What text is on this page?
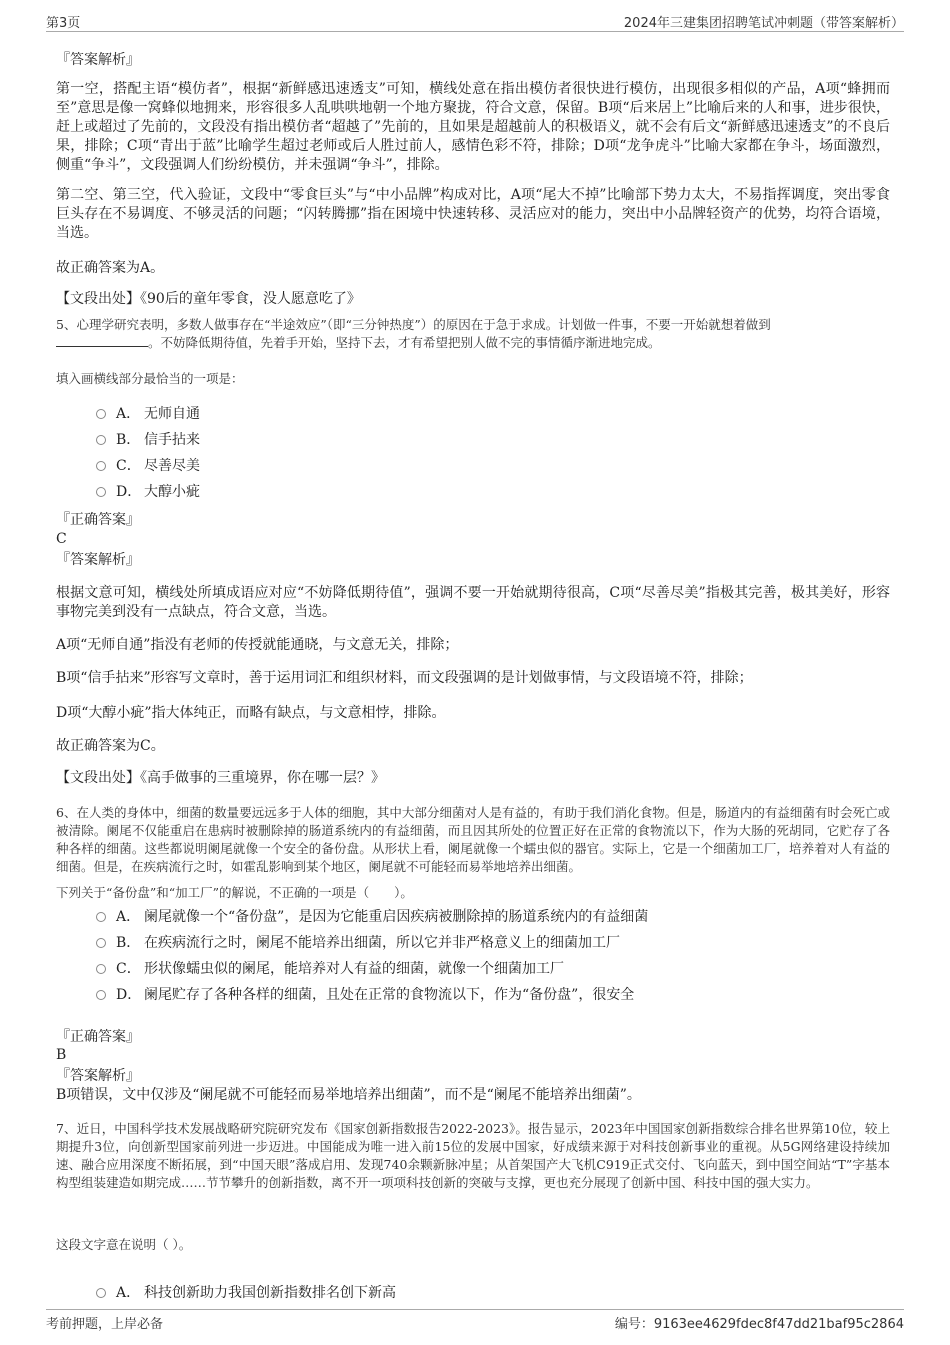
第3页	2024年三建集团招聘笔试冲刺题（带答案解析）
『答案解析』
第一空，搭配主语“模仿者”，根据“新鲜感迅速透支”可知，横线处意在指出模仿者很快进行模仿，出现很多相似的产品，A项“蜂拥而至”意思是像一窝蜂似地拥来，形容很多人乱哄哄地朝一个地方聚拢，符合文意，保留。B项“后来居上”比喻后来的人和事，进步很快，赶上或超过了先前的，文段没有指出模仿者“超越了”先前的，且如果是超越前人的积极语义，就不会有后文“新鲜感迅速透支”的不良后果，排除；C项“青出于蓝”比喻学生超过老师或后人胜过前人，感情色彩不符，排除；D项“龙争虎斗”比喻大家都在争斗，场面激烈，侧重“争斗”，文段强调人们纷纷模仿，并未强调“争斗”，排除。
第二空、第三空，代入验证，文段中“零食巨头”与“中小品牌”构成对比，A项“尾大不掉”比喻部下势力太大，不易指挥调度，突出零食巨头存在不易调度、不够灵活的问题；“闪转腾挪”指在困境中快速转移、灵活应对的能力，突出中小品牌轻资产的优势，均符合语境，当选。
故正确答案为A。
【文段出处】《90后的童年零食，没人愿意吃了》
5、心理学研究表明，多数人做事存在“半途效应”（即“三分钟热度”）的原因在于急于求成。计划做一件事，不要一开始就想着做到
。不妨降低期待值，先着手开始，坚持下去，才有希望把别人做不完的事情循序渐进地完成。
填入画横线部分最恰当的一项是：
A． 无师自通
B． 信手拈来
C． 尽善尽美
D． 大醇小疵
『正确答案』
C
『答案解析』
根据文意可知，横线处所填成语应对应“不妨降低期待值”，强调不要一开始就期待很高，C项“尽善尽美”指极其完善，极其美好，形容事物完美到没有一点缺点，符合文意，当选。
A项“无师自通”指没有老师的传授就能通晓，与文意无关，排除；
B项“信手拈来”形容写文章时，善于运用词汇和组织材料，而文段强调的是计划做事情，与文段语境不符，排除；
D项“大醇小疵”指大体纯正，而略有缺点，与文意相悖，排除。
故正确答案为C。
【文段出处】《高手做事的三重境界，你在哪一层？》
6、在人类的身体中，细菌的数量要远远多于人体的细胞，其中大部分细菌对人是有益的，有助于我们消化食物。但是，肠道内的有益细菌有时会死亡或被清除。阑尾不仅能重启在患病时被删除掉的肠道系统内的有益细菌，而且因其所处的位置正好在正常的食物流以下，作为大肠的死胡同，它贮存了各种各样的细菌。这些都说明阑尾就像一个安全的备份盘。从形状上看，阑尾就像一个蠕虫似的器官。实际上，它是一个细菌加工厂，培养着对人有益的细菌。但是，在疾病流行之时，如霍乱影响到某个地区，阑尾就不可能轻而易举地培养出细菌。
下列关于“备份盘”和“加工厂”的解说，不正确的一项是（　　）。
A． 阑尾就像一个“备份盘”，是因为它能重启因疾病被删除掉的肠道系统内的有益细菌
B． 在疾病流行之时，阑尾不能培养出细菌，所以它并非严格意义上的细菌加工厂
C． 形状像蠕虫似的阑尾，能培养对人有益的细菌，就像一个细菌加工厂
D． 阑尾贮存了各种各样的细菌，且处在正常的食物流以下，作为“备份盘”，很安全
『正确答案』
B
『答案解析』
B项错误，文中仅涉及“阑尾就不可能轻而易举地培养出细菌”，而不是“阑尾不能培养出细菌”。
7、近日，中国科学技术发展战略研究院研究发布《国家创新指数报告2022-2023》。报告显示，2023年中国国家创新指数综合排名世界第10位，较上期提升3位，向创新型国家前列进一步迈进。中国能成为唯一进入前15位的发展中国家，好成绩来源于对科技创新事业的重视。从5G网络建设持续加速、融合应用深度不断拓展，到“中国天眼”落成启用、发现740余颗新脉冲星；从首架国产大飞机C919正式交付、飞向蓝天，到中国空间站“T”字基本构型组装建造如期完成……节节攀升的创新指数，离不开一项项科技创新的突破与支撑，更也充分展现了创新中国、科技中国的强大实力。
这段文字意在说明（ ）。
A． 科技创新助力我国创新指数排名创下新高
考前押题，上岸必备	编号：9163ee4629fdec8f47dd21baf95c2864
